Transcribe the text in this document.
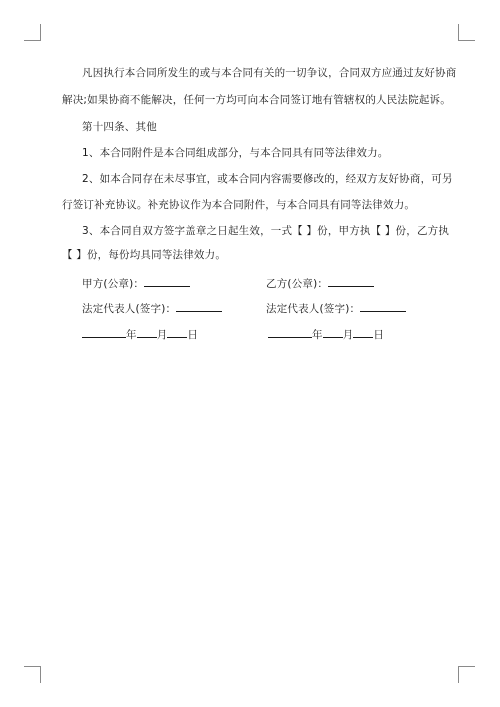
凡因执行本合同所发生的或与本合同有关的一切争议，合同双方应通过友好协商
解决;如果协商不能解决，任何一方均可向本合同签订地有管辖权的人民法院起诉。
第十四条、其他
1、本合同附件是本合同组成部分，与本合同具有同等法律效力。
2、如本合同存在未尽事宜，或本合同内容需要修改的，经双方友好协商，可另
行签订补充协议。补充协议作为本合同附件，与本合同具有同等法律效力。
3、本合同自双方签字盖章之日起生效，一式【 】份，甲方执【 】份，乙方执
【 】份，每份均具同等法律效力。
甲方(公章)：	乙方(公章)：
法定代表人(签字)：	法定代表人(签字)：
年 月 日	年 月 日
